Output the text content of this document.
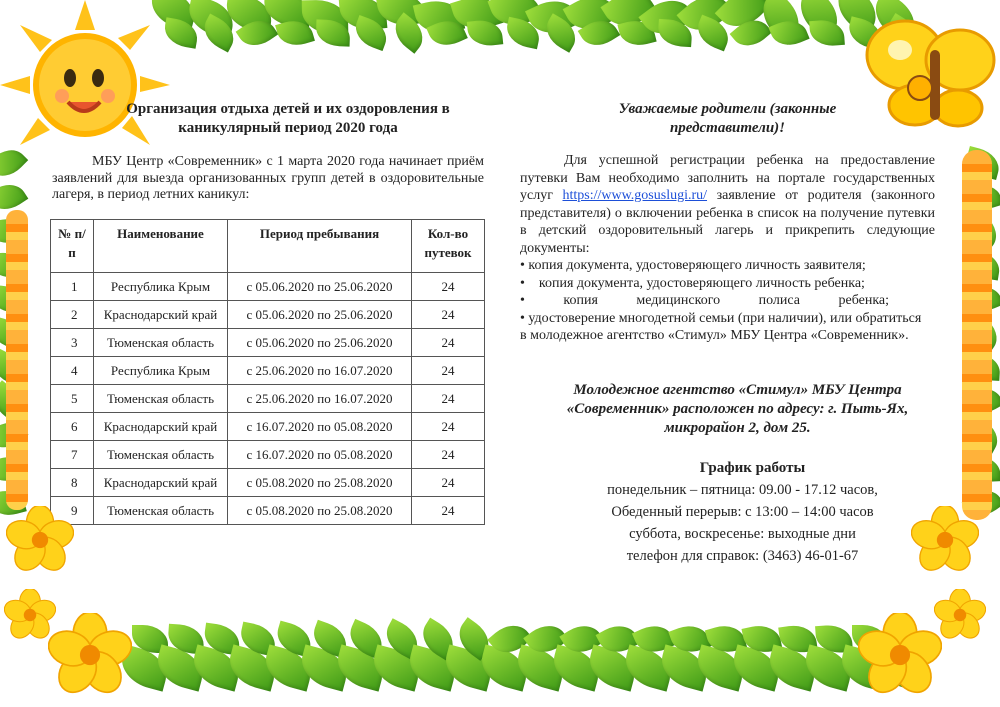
Организация отдыха детей и их оздоровления в
каникулярный период 2020 года

МБУ Центр «Современник» с 1 марта 2020 года начинает приём заявлений для выезда организованных групп детей в оздоровительные лагеря, в период летних каникул:

№ п/п	Наименование	Период пребывания	Кол-во путевок
1	Республика Крым	с 05.06.2020 по 25.06.2020	24
2	Краснодарский край	с 05.06.2020 по 25.06.2020	24
3	Тюменская область	с 05.06.2020 по 25.06.2020	24
4	Республика Крым	с 25.06.2020 по 16.07.2020	24
5	Тюменская область	с 25.06.2020 по 16.07.2020	24
6	Краснодарский край	с 16.07.2020 по 05.08.2020	24
7	Тюменская область	с 16.07.2020 по 05.08.2020	24
8	Краснодарский край	с 05.08.2020 по 25.08.2020	24
9	Тюменская область	с 05.08.2020 по 25.08.2020	24
Уважаемые родители (законные
представители)!

Для успешной регистрации ребенка на предоставление путевки Вам необходимо заполнить на портале государственных услуг https://www.gosuslugi.ru/ заявление от родителя (законного представителя) о включении ребенка в список на получение путевки в детский оздоровительный лагерь и прикрепить следующие документы:

• копия документа, удостоверяющего личность заявителя;

•    копия документа, удостоверяющего личность ребенка;

•           копия           медицинского           полиса           ребенка;

• удостоверение многодетной семьи (при наличии), или обратиться

в молодежное агентство «Стимул» МБУ Центра «Современник».

Молодежное агентство «Стимул» МБУ Центра «Современник» расположен по адресу: г. Пыть-Ях, микрорайон 2, дом 25.
График работы
понедельник – пятница: 09.00 - 17.12 часов,
Обеденный перерыв: с 13:00 – 14:00 часов
суббота, воскресенье: выходные дни
телефон для справок: (3463) 46-01-67
